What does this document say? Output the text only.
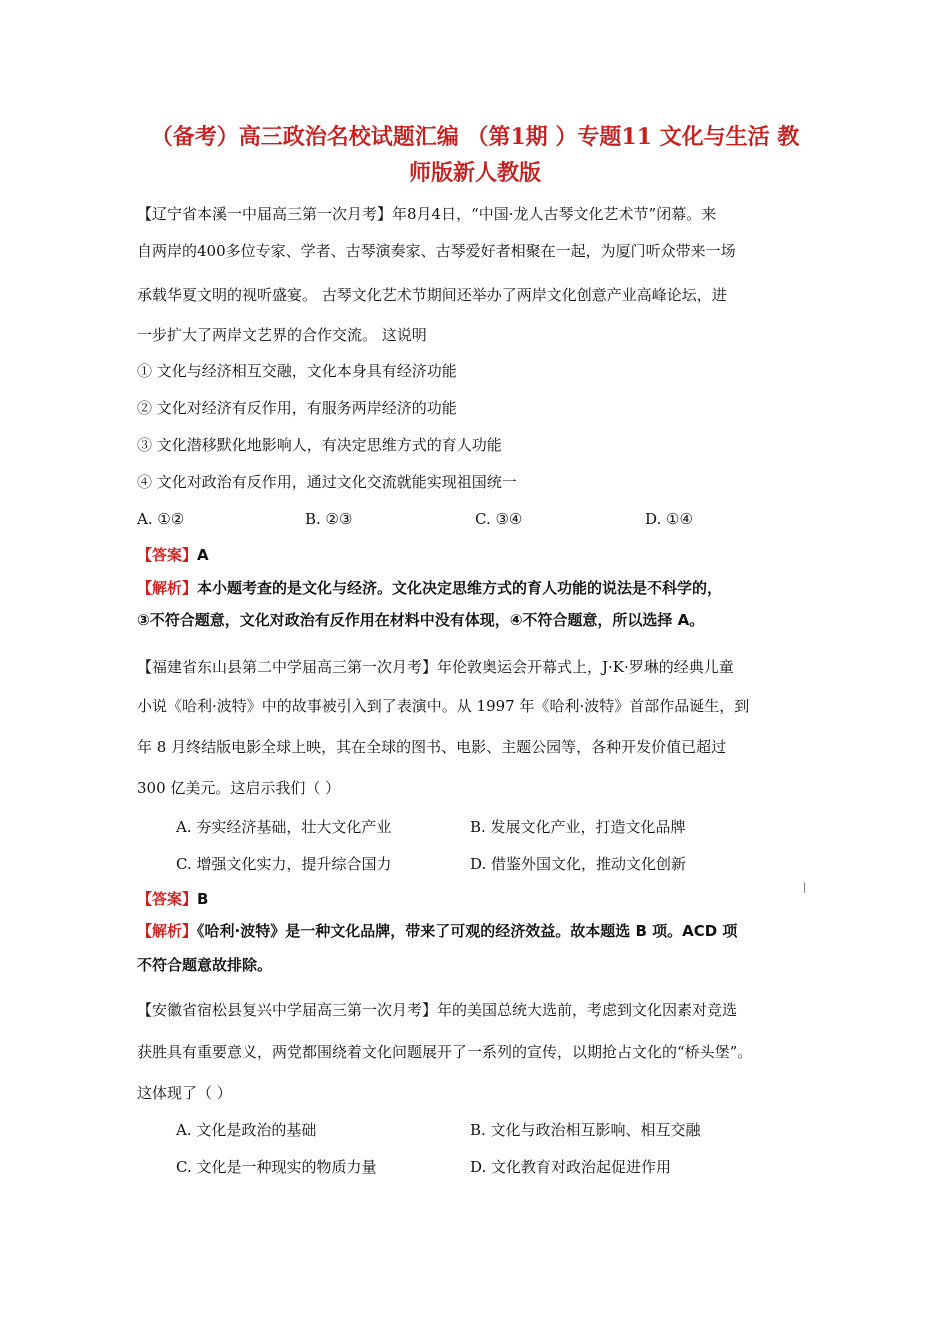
（备考）高三政治名校试题汇编 （第1期 ）专题11 文化与生活 教
师版新人教版
【辽宁省本溪一中届高三第一次月考】年8月4日，“中国·龙人古琴文化艺术节”闭幕。来
自两岸的400多位专家、学者、古琴演奏家、古琴爱好者相聚在一起，为厦门听众带来一场
承载华夏文明的视听盛宴。 古琴文化艺术节期间还举办了两岸文化创意产业高峰论坛，进
一步扩大了两岸文艺界的合作交流。 这说明
① 文化与经济相互交融，文化本身具有经济功能
② 文化对经济有反作用，有服务两岸经济的功能
③ 文化潜移默化地影响人，有决定思维方式的育人功能
④ 文化对政治有反作用，通过文化交流就能实现祖国统一
A. ①②	B. ②③	C. ③④	D. ①④
【答案】A
【解析】本小题考查的是文化与经济。文化决定思维方式的育人功能的说法是不科学的，
③不符合题意，文化对政治有反作用在材料中没有体现，④不符合题意，所以选择 A。
【福建省东山县第二中学届高三第一次月考】年伦敦奥运会开幕式上，J·K·罗琳的经典儿童
小说《哈利·波特》中的故事被引入到了表演中。从 1997 年《哈利·波特》首部作品诞生，到
年 8 月终结版电影全球上映，其在全球的图书、电影、主题公园等，各种开发价值已超过
300 亿美元。这启示我们（ ）
A. 夯实经济基础，壮大文化产业	B. 发展文化产业，打造文化品牌
C. 增强文化实力，提升综合国力	D. 借鉴外国文化，推动文化创新
|
【答案】B
【解析】《哈利·波特》是一种文化品牌，带来了可观的经济效益。故本题选 B 项。ACD 项
不符合题意故排除。
【安徽省宿松县复兴中学届高三第一次月考】年的美国总统大选前，考虑到文化因素对竞选
获胜具有重要意义，两党都围绕着文化问题展开了一系列的宣传，以期抢占文化的“桥头堡”。
这体现了（ ）
A. 文化是政治的基础	B. 文化与政治相互影响、相互交融
C. 文化是一种现实的物质力量	D. 文化教育对政治起促进作用
